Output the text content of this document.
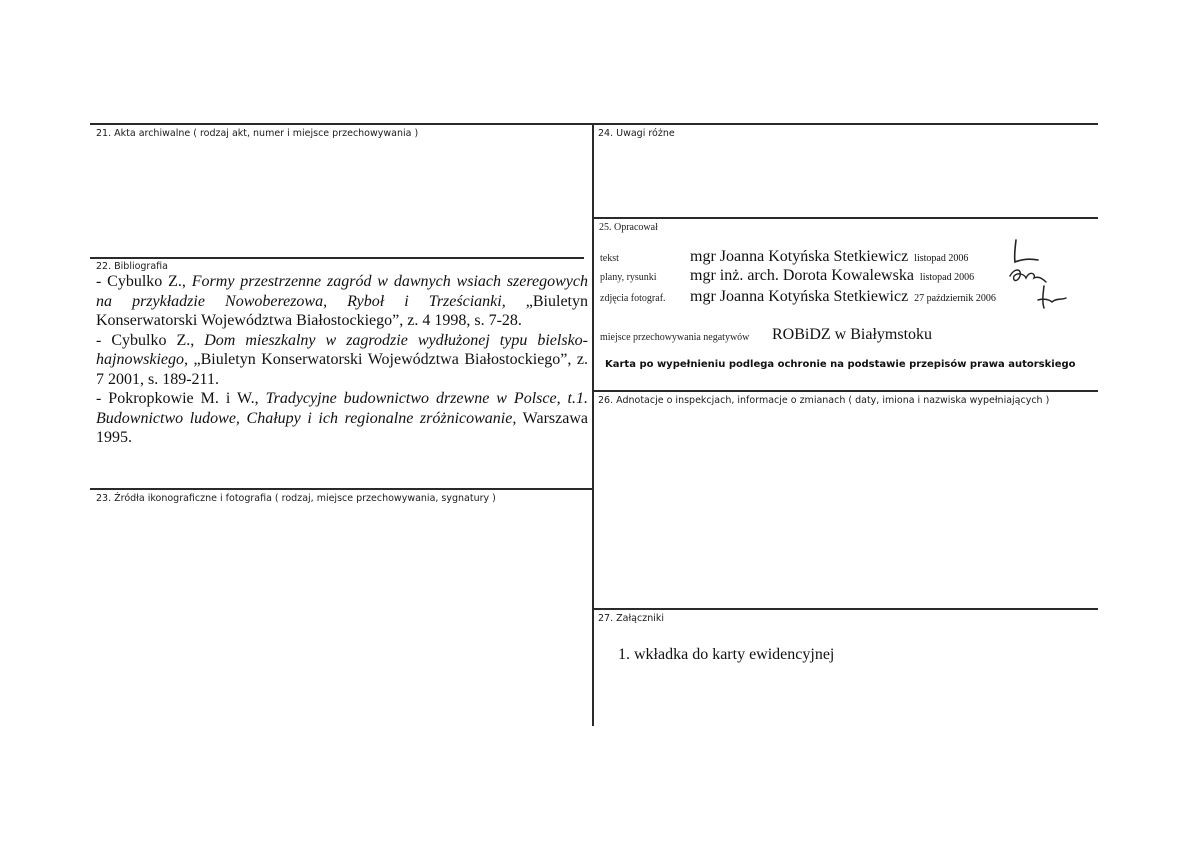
21. Akta archiwalne ( rodzaj akt, numer i miejsce przechowywania )
22. Bibliografia
23. Źródła ikonograficzne i fotografia ( rodzaj, miejsce przechowywania, sygnatury )
24. Uwagi różne
25. Opracował
26. Adnotacje o inspekcjach, informacje o zmianach ( daty, imiona i nazwiska wypełniających )
27. Załączniki

- Cybulko Z., Formy przestrzenne zagród w dawnych wsiach szeregowych na przykładzie Nowoberezowa, Ryboł i Trześcianki, „Biuletyn Konserwatorski Województwa Białostockiego”, z. 4 1998, s. 7-28.

- Cybulko Z., Dom mieszkalny w zagrodzie wydłużonej typu bielsko-hajnowskiego, „Biuletyn Konserwatorski Województwa Białostockiego”, z. 7 2001, s. 189-211.

- Pokropkowie M. i W., Tradycyjne budownictwo drzewne w Polsce, t.1. Budownictwo ludowe, Chałupy i ich regionalne zróżnicowanie, Warszawa 1995.

tekst	mgr Joanna Kotyńska Stetkiewicz listopad 2006
plany, rysunki mgr inż. arch. Dorota Kowalewska listopad 2006
zdjęcia fotograf. mgr Joanna Kotyńska Stetkiewicz 27 październik 2006
miejsce przechowywania negatywów ROBiDZ w Białymstoku
Karta po wypełnieniu podlega ochronie na podstawie przepisów prawa autorskiego
1. wkładka do karty ewidencyjnej
